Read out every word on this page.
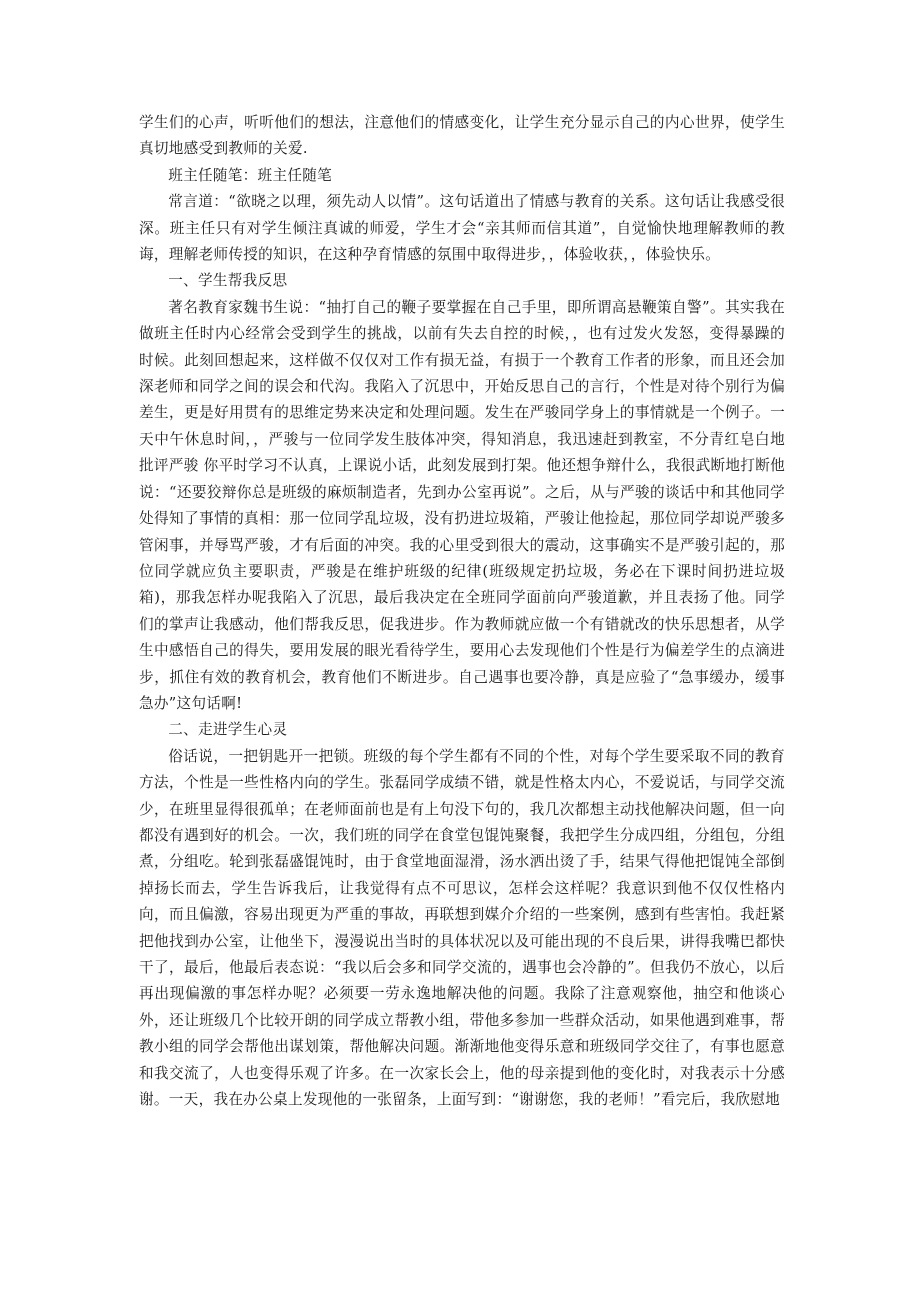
学生们的心声，听听他们的想法，注意他们的情感变化，让学生充分显示自己的内心世界，使学生真切地感受到教师的关爱.

班主任随笔：班主任随笔

常言道：“欲晓之以理，须先动人以情”。这句话道出了情感与教育的关系。这句话让我感受很深。班主任只有对学生倾注真诚的师爱，学生才会“亲其师而信其道”，自觉愉快地理解教师的教诲，理解老师传授的知识，在这种孕育情感的氛围中取得进步，，体验收获，，体验快乐。

一、学生帮我反思

著名教育家魏书生说：“抽打自己的鞭子要掌握在自己手里，即所谓高悬鞭策自警”。其实我在做班主任时内心经常会受到学生的挑战，以前有失去自控的时候，，也有过发火发怒，变得暴躁的时候。此刻回想起来，这样做不仅仅对工作有损无益，有损于一个教育工作者的形象，而且还会加深老师和同学之间的误会和代沟。我陷入了沉思中，开始反思自己的言行，个性是对待个别行为偏差生，更是好用贯有的思维定势来决定和处理问题。发生在严骏同学身上的事情就是一个例子。一天中午休息时间，，严骏与一位同学发生肢体冲突，得知消息，我迅速赶到教室，不分青红皂白地批评严骏 你平时学习不认真，上课说小话，此刻发展到打架。他还想争辩什么，我很武断地打断他说：“还要狡辩你总是班级的麻烦制造者，先到办公室再说”。之后，从与严骏的谈话中和其他同学处得知了事情的真相：那一位同学乱垃圾，没有扔进垃圾箱，严骏让他捡起，那位同学却说严骏多管闲事，并辱骂严骏，才有后面的冲突。我的心里受到很大的震动，这事确实不是严骏引起的，那位同学就应负主要职责，严骏是在维护班级的纪律(班级规定扔垃圾，务必在下课时间扔进垃圾箱)，那我怎样办呢我陷入了沉思，最后我决定在全班同学面前向严骏道歉，并且表扬了他。同学们的掌声让我感动，他们帮我反思，促我进步。作为教师就应做一个有错就改的快乐思想者，从学生中感悟自己的得失，要用发展的眼光看待学生，要用心去发现他们个性是行为偏差学生的点滴进步，抓住有效的教育机会，教育他们不断进步。自己遇事也要冷静，真是应验了“急事缓办，缓事急办”这句话啊!

二、走进学生心灵

俗话说，一把钥匙开一把锁。班级的每个学生都有不同的个性，对每个学生要采取不同的教育方法，个性是一些性格内向的学生。张磊同学成绩不错，就是性格太内心，不爱说话，与同学交流少，在班里显得很孤单；在老师面前也是有上句没下句的，我几次都想主动找他解决问题，但一向都没有遇到好的机会。一次，我们班的同学在食堂包馄饨聚餐，我把学生分成四组，分组包，分组煮，分组吃。轮到张磊盛馄饨时，由于食堂地面湿滑，汤水洒出烫了手，结果气得他把馄饨全部倒掉扬长而去，学生告诉我后，让我觉得有点不可思议，怎样会这样呢？我意识到他不仅仅性格内向，而且偏激，容易出现更为严重的事故，再联想到媒介介绍的一些案例，感到有些害怕。我赶紧把他找到办公室，让他坐下，漫漫说出当时的具体状况以及可能出现的不良后果，讲得我嘴巴都快干了，最后，他最后表态说：“我以后会多和同学交流的，遇事也会冷静的”。但我仍不放心，以后再出现偏激的事怎样办呢？必须要一劳永逸地解决他的问题。我除了注意观察他，抽空和他谈心外，还让班级几个比较开朗的同学成立帮教小组，带他多参加一些群众活动，如果他遇到难事，帮教小组的同学会帮他出谋划策，帮他解决问题。渐渐地他变得乐意和班级同学交往了，有事也愿意和我交流了，人也变得乐观了许多。在一次家长会上，他的母亲提到他的变化时，对我表示十分感谢。一天，我在办公桌上发现他的一张留条，上面写到：“谢谢您，我的老师！”看完后，我欣慰地
